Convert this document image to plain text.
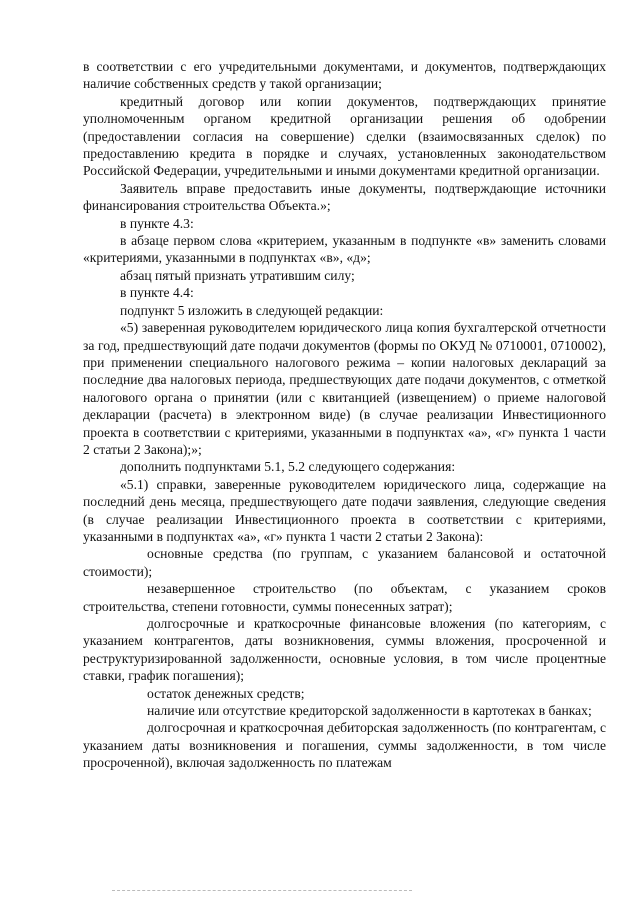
в соответствии с его учредительными документами, и документов, подтверждающих наличие собственных средств у такой организации;

кредитный договор или копии документов, подтверждающих принятие уполномоченным органом кредитной организации решения об одобрении (предоставлении согласия на совершение) сделки (взаимосвязанных сделок) по предоставлению кредита в порядке и случаях, установленных законодательством Российской Федерации, учредительными и иными документами кредитной организации.

Заявитель вправе предоставить иные документы, подтверждающие источники финансирования строительства Объекта.»;

в пункте 4.3:

в абзаце первом слова «критерием, указанным в подпункте «в» заменить словами «критериями, указанными в подпунктах «в», «д»;

абзац пятый признать утратившим силу;

в пункте 4.4:

подпункт 5 изложить в следующей редакции:

«5) заверенная руководителем юридического лица копия бухгалтерской отчетности за год, предшествующий дате подачи документов (формы по ОКУД № 0710001, 0710002), при применении специального налогового режима – копии налоговых деклараций за последние два налоговых периода, предшествующих дате подачи документов, с отметкой налогового органа о принятии (или с квитанцией (извещением) о приеме налоговой декларации (расчета) в электронном виде) (в случае реализации Инвестиционного проекта в соответствии с критериями, указанными в подпунктах «а», «г» пункта 1 части 2 статьи 2 Закона);»;

дополнить подпунктами 5.1, 5.2 следующего содержания:

«5.1) справки, заверенные руководителем юридического лица, содержащие на последний день месяца, предшествующего дате подачи заявления, следующие сведения (в случае реализации Инвестиционного проекта в соответствии с критериями, указанными в подпунктах «а», «г» пункта 1 части 2 статьи 2 Закона):

основные средства (по группам, с указанием балансовой и остаточной стоимости);

незавершенное строительство (по объектам, с указанием сроков строительства, степени готовности, суммы понесенных затрат);

долгосрочные и краткосрочные финансовые вложения (по категориям, с указанием контрагентов, даты возникновения, суммы вложения, просроченной и реструктуризированной задолженности, основные условия, в том числе процентные ставки, график погашения);

остаток денежных средств;

наличие или отсутствие кредиторской задолженности в картотеках в банках;

долгосрочная и краткосрочная дебиторская задолженность (по контрагентам, с указанием даты возникновения и погашения, суммы задолженности, в том числе просроченной), включая задолженность по платежам
